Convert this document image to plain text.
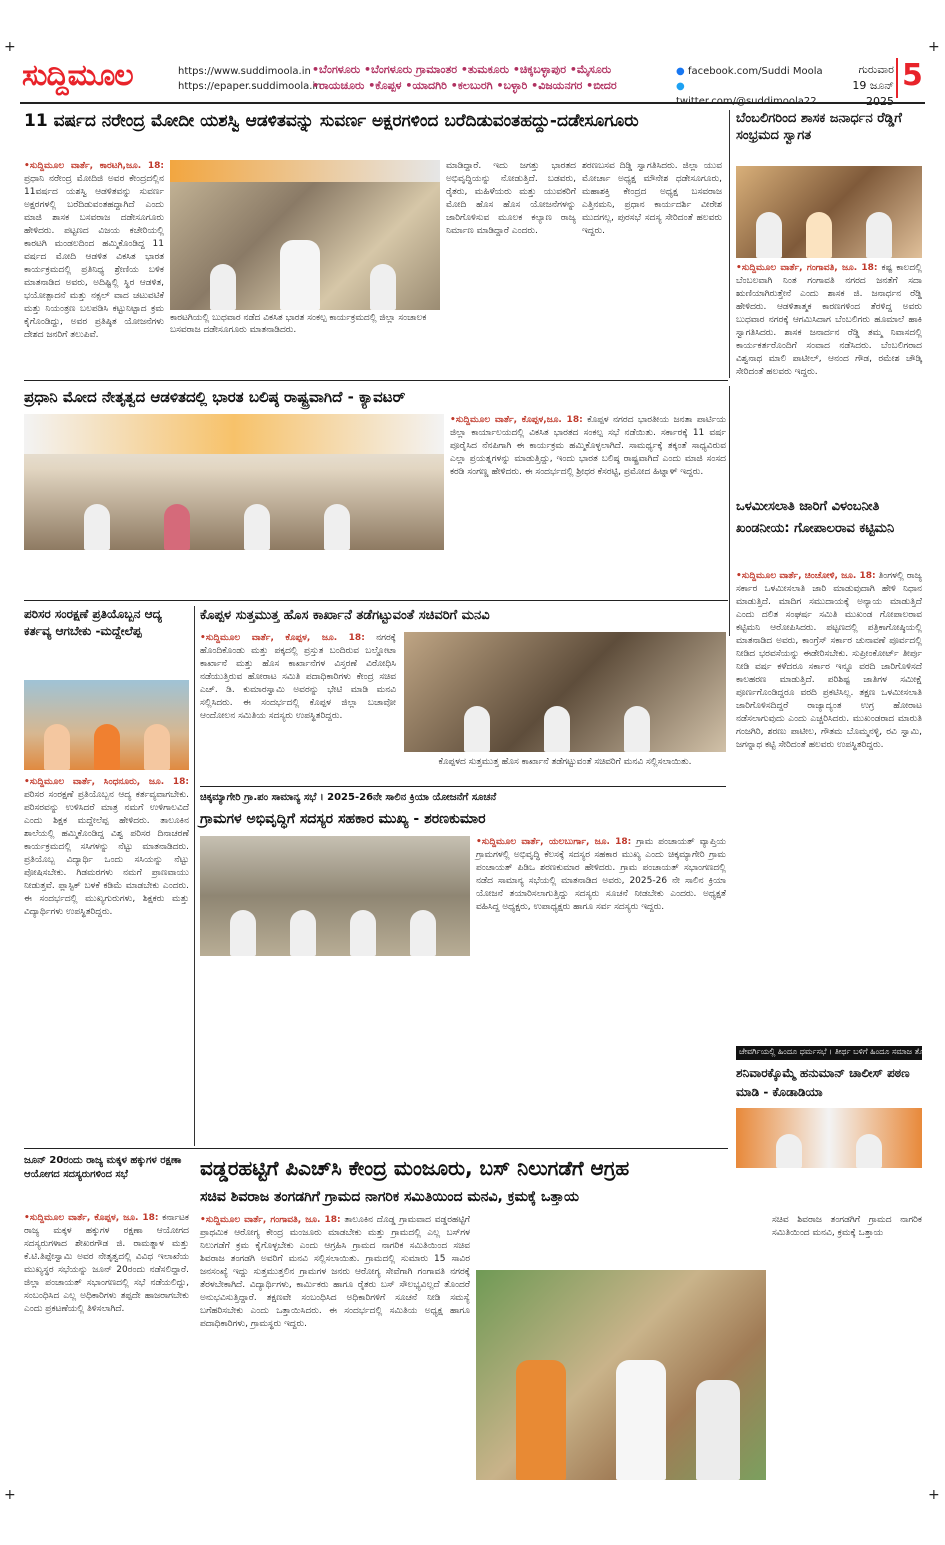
+	+
+	+
ಸುದ್ದಿಮೂಲ	https://www.suddimoola.in
https://epaper.suddimoola.in
•ಬೆಂಗಳೂರು •ಬೆಂಗಳೂರು ಗ್ರಾಮಾಂತರ •ತುಮಕೂರು •ಚಿಕ್ಕಬಳ್ಳಾಪುರ •ಮೈಸೂರು
•ರಾಯಚೂರು •ಕೊಪ್ಪಳ •ಯಾದಗಿರಿ •ಕಲಬುರಗಿ •ಬಳ್ಳಾರಿ •ವಿಜಯನಗರ •ಬೀದರ
● facebook.com/Suddi Moola
●
ಗುರುವಾರ
19 ಜೂನ್ 5
11 ವರ್ಷದ ನರೇಂದ್ರ ಮೋದೀ ಯಶಸ್ವಿ ಆಡಳಿತವನ್ನು ಸುವರ್ಣ ಅಕ್ಷರಗಳಿಂದ ಬರೆದಿಡುವಂತಹದ್ದು-ದಡೇಸೂಗೂರು
•ಸುದ್ದಿಮೂಲ ವಾರ್ತೆ, ಕಾರಟಗಿ,ಜೂ. 18: ಪ್ರಧಾನಿ ನರೇಂದ್ರ ಮೋದಿಜಿ ಅವರ ಕೇಂದ್ರದಲ್ಲಿನ 11ವರ್ಷದ ಯಶಸ್ವಿ ಆಡಳಿತವನ್ನು ಸುವರ್ಣ ಅಕ್ಷರಗಳಲ್ಲಿ ಬರೆದಿಡುವಂತಹದ್ದಾಗಿದೆ ಎಂದು ಮಾಜಿ ಶಾಸಕ ಬಸವರಾಜ ದಡೇಸೂಗೂರು ಹೇಳಿದರು. ಪಟ್ಟಣದ ವಿಜಯ ಕಚೇರಿಯಲ್ಲಿ ಕಾರಟಗಿ ಮಂಡಲದಿಂದ ಹಮ್ಮಿಕೊಂಡಿದ್ದ 11 ವರ್ಷದ ಮೋದಿ ಆಡಳಿತ ವಿಕಸಿತ ಭಾರತ ಕಾರ್ಯಕ್ರಮದಲ್ಲಿ ಪ್ರತಿನಿಧ್ಯ ಶ್ರೇಣಿಯ ಬಳಿಕ ಮಾತನಾಡಿದ ಅವರು, ಅದಿಷ್ಟಿಲ್ಲಿ ಸ್ಥಿರ ಆಡಳಿತ, ಭಯೋತ್ಪಾದನೆ ಮತ್ತು ನಕ್ಸಲ್ ವಾದ ಚಟುವಟಿಕೆ ಮತ್ತು ನಿಯಂತ್ರಣ ಬಲಪಡಿಸಿ ಕಟ್ಟುನಿಟ್ಟಾದ ಕ್ರಮ ಕೈಗೊಂಡಿದ್ದು, ಅವರ ಪ್ರತಿಷ್ಠಿತ ಯೋಜನೆಗಳು ದೇಶದ ಜನರಿಗೆ ತಲುಪಿವೆ.
ಕಾರಟಗಿಯಲ್ಲಿ ಬುಧವಾರ ನಡೆದ ವಿಕಸಿತ ಭಾರತ ಸಂಕಲ್ಪ ಕಾರ್ಯಕ್ರಮದಲ್ಲಿ ಜಿಲ್ಲಾ ಸಂಚಾಲಕ ಬಸವರಾಜ ದಡೇಸೂಗೂರು ಮಾತನಾಡಿದರು.
ಮಾಡಿದ್ದಾರೆ. ಇದು ಜಗತ್ತು ಭಾರತದ ಅಭಿವೃದ್ಧಿಯನ್ನು ನೋಡುತ್ತಿದೆ. ಬಡವರು, ರೈತರು, ಮಹಿಳೆಯರು ಮತ್ತು ಯುವಕರಿಗೆ ಮೋದಿ ಹೊಸ ಹೊಸ ಯೋಜನೆಗಳನ್ನು ಜಾರಿಗೊಳಿಸುವ ಮೂಲಕ ಕಲ್ಯಾಣ ರಾಜ್ಯ ನಿರ್ಮಾಣ ಮಾಡಿದ್ದಾರೆ ಎಂದರು.
ಶರಣಬಸವ ದಿಡ್ಡಿ ಸ್ವಾಗತಿಸಿದರು. ಜಿಲ್ಲಾ ಯುವ ಮೋರ್ಚಾ ಅಧ್ಯಕ್ಷ ಮೌನೇಶ ಧಡೇಸೂಗೂರು, ಮಹಾಶಕ್ತಿ ಕೇಂದ್ರದ ಅಧ್ಯಕ್ಷ ಬಸವರಾಜ ಎತ್ತಿನಮನಿ, ಪ್ರಧಾನ ಕಾರ್ಯದರ್ಶಿ ವೀರೇಶ ಮುದಗಲ್ಲ, ಪುರಸಭೆ ಸದಸ್ಯ ಸೇರಿದಂತೆ ಹಲವರು ಇದ್ದರು.
ಬೆಂಬಲಿಗರಿಂದ ಶಾಸಕ ಜನಾರ್ಧನ ರೆಡ್ಡಿಗೆ ಸಂಭ್ರಮದ ಸ್ವಾಗತ
•ಸುದ್ದಿಮೂಲ ವಾರ್ತೆ, ಗಂಗಾವತಿ, ಜೂ. 18: ಕಷ್ಟ ಕಾಲದಲ್ಲಿ ಬೆಂಬಲವಾಗಿ ನಿಂತ ಗಂಗಾವತಿ ನಗರದ ಜನತೆಗೆ ಸದಾ ಋಣಿಯಾಗಿರುತ್ತೇನೆ ಎಂದು ಶಾಸಕ ಜಿ. ಜನಾರ್ಧನ ರೆಡ್ಡಿ ಹೇಳಿದರು. ಆಡಳಿತಾತ್ಮಕ ಕಾರಣಗಳಿಂದ ತೆರಳಿದ್ದ ಅವರು ಬುಧವಾರ ನಗರಕ್ಕೆ ಆಗಮಿಸಿದಾಗ ಬೆಂಬಲಿಗರು ಹೂಮಾಲೆ ಹಾಕಿ ಸ್ವಾಗತಿಸಿದರು. ಶಾಸಕ ಜನಾರ್ದನ ರೆಡ್ಡಿ ತಮ್ಮ ನಿವಾಸದಲ್ಲಿ ಕಾರ್ಯಕರ್ತರೊಂದಿಗೆ ಸಂವಾದ ನಡೆಸಿದರು. ಬೆಂಬಲಿಗರಾದ ವಿಶ್ವನಾಥ ಮಾಲಿ ಪಾಟೀಲ್, ಆನಂದ ಗೌಡ, ರಮೇಶ ಚೌಡ್ಕಿ ಸೇರಿದಂತೆ ಹಲವರು ಇದ್ದರು.
ಪ್ರಧಾನಿ ಮೋದ ನೇತೃತ್ವದ ಆಡಳಿತದಲ್ಲಿ ಭಾರತ ಬಲಿಷ್ಠ ರಾಷ್ಟ್ರವಾಗಿದೆ - ಕ್ಯಾವಟರ್
•ಸುದ್ದಿಮೂಲ ವಾರ್ತೆ, ಕೊಪ್ಪಳ,ಜೂ. 18: ಕೊಪ್ಪಳ ನಗರದ ಭಾರತೀಯ ಜನತಾ ಪಾರ್ಟಿಯ ಜಿಲ್ಲಾ ಕಾರ್ಯಾಲಯದಲ್ಲಿ ವಿಕಸಿತ ಭಾರತದ ಸಂಕಲ್ಪ ಸಭೆ ನಡೆಯಿತು. ಸರ್ಕಾರಕ್ಕೆ 11 ವರ್ಷ ಪೂರೈಸಿದ ನೆನಪಿಗಾಗಿ ಈ ಕಾರ್ಯಕ್ರಮ ಹಮ್ಮಿಕೊಳ್ಳಲಾಗಿದೆ. ಸಾಮರ್ಥ್ಯಕ್ಕೆ ತಕ್ಕಂತೆ ಸಾಧ್ಯವಿರುವ ಎಲ್ಲಾ ಪ್ರಯತ್ನಗಳನ್ನು ಮಾಡುತ್ತಿದ್ದು, ಇಂದು ಭಾರತ ಬಲಿಷ್ಠ ರಾಷ್ಟ್ರವಾಗಿದೆ ಎಂದು ಮಾಜಿ ಸಂಸದ ಕರಡಿ ಸಂಗಣ್ಣ ಹೇಳಿದರು. ಈ ಸಂದರ್ಭದಲ್ಲಿ ಶ್ರೀಧರ ಕೆಸರಟ್ಟಿ, ಪ್ರಮೋದ ಹಿಟ್ನಾಳ್ ಇದ್ದರು.
ಒಳಮೀಸಲಾತಿ ಜಾರಿಗೆ ವಿಳಂಬನೀತಿ ಖಂಡನೀಯ: ಗೋಪಾಲರಾವ ಕಟ್ಟಿಮನಿ
•ಸುದ್ದಿಮೂಲ ವಾರ್ತೆ, ಚಿಂಚೋಳಿ, ಜೂ. 18: ತಿಂಗಳಲ್ಲಿ ರಾಜ್ಯ ಸರ್ಕಾರ ಒಳಮೀಸಲಾತಿ ಜಾರಿ ಮಾಡುವುದಾಗಿ ಹೇಳಿ ನಿಧಾನ ಮಾಡುತ್ತಿದೆ. ಮಾದಿಗ ಸಮುದಾಯಕ್ಕೆ ಅನ್ಯಾಯ ಮಾಡುತ್ತಿದೆ ಎಂದು ದಲಿತ ಸಂಘರ್ಷ ಸಮಿತಿ ಮುಖಂಡ ಗೋಪಾಲರಾವ ಕಟ್ಟಿಮನಿ ಆರೋಪಿಸಿದರು. ಪಟ್ಟಣದಲ್ಲಿ ಪತ್ರಿಕಾಗೋಷ್ಠಿಯಲ್ಲಿ ಮಾತನಾಡಿದ ಅವರು, ಕಾಂಗ್ರೆಸ್ ಸರ್ಕಾರ ಚುನಾವಣೆ ಪೂರ್ವದಲ್ಲಿ ನೀಡಿದ ಭರವಸೆಯನ್ನು ಈಡೇರಿಸಬೇಕು. ಸುಪ್ರೀಂಕೋರ್ಟ್ ತೀರ್ಪು ನೀಡಿ ವರ್ಷ ಕಳೆದರೂ ಸರ್ಕಾರ ಇನ್ನೂ ವರದಿ ಜಾರಿಗೊಳಿಸದೆ ಕಾಲಹರಣ ಮಾಡುತ್ತಿದೆ. ಪರಿಶಿಷ್ಟ ಜಾತಿಗಳ ಸಮೀಕ್ಷೆ ಪೂರ್ಣಗೊಂಡಿದ್ದರೂ ವರದಿ ಪ್ರಕಟಿಸಿಲ್ಲ. ತಕ್ಷಣ ಒಳಮೀಸಲಾತಿ ಜಾರಿಗೊಳಿಸದಿದ್ದರೆ ರಾಜ್ಯಾದ್ಯಂತ ಉಗ್ರ ಹೋರಾಟ ನಡೆಸಲಾಗುವುದು ಎಂದು ಎಚ್ಚರಿಸಿದರು. ಮುಖಂಡರಾದ ಮಾರುತಿ ಗಂಜಗಿರಿ, ಶರಣು ಪಾಟೀಲ, ಗೌತಮ ಬೊಮ್ಮನಳ್ಳಿ, ರವಿ ಸ್ವಾಮಿ, ಜಗನ್ನಾಥ ಕಟ್ಟಿ ಸೇರಿದಂತೆ ಹಲವರು ಉಪಸ್ಥಿತರಿದ್ದರು.
ಪರಿಸರ ಸಂರಕ್ಷಣೆ ಪ್ರತಿಯೊಬ್ಬನ ಆದ್ಯ ಕರ್ತವ್ಯ ಆಗಬೇಕು -ಮದ್ದೇಲೆಪ್ಪ
•ಸುದ್ದಿಮೂಲ ವಾರ್ತೆ, ಸಿಂಧನೂರು, ಜೂ. 18: ಪರಿಸರ ಸಂರಕ್ಷಣೆ ಪ್ರತಿಯೊಬ್ಬನ ಆದ್ಯ ಕರ್ತವ್ಯವಾಗಬೇಕು. ಪರಿಸರವನ್ನು ಉಳಿಸಿದರೆ ಮಾತ್ರ ನಮಗೆ ಉಳಿಗಾಲವಿದೆ ಎಂದು ಶಿಕ್ಷಕ ಮದ್ದೇಲೆಪ್ಪ ಹೇಳಿದರು. ತಾಲೂಕಿನ ಶಾಲೆಯಲ್ಲಿ ಹಮ್ಮಿಕೊಂಡಿದ್ದ ವಿಶ್ವ ಪರಿಸರ ದಿನಾಚರಣೆ ಕಾರ್ಯಕ್ರಮದಲ್ಲಿ ಸಸಿಗಳನ್ನು ನೆಟ್ಟು ಮಾತನಾಡಿದರು. ಪ್ರತಿಯೊಬ್ಬ ವಿದ್ಯಾರ್ಥಿ ಒಂದು ಸಸಿಯನ್ನು ನೆಟ್ಟು ಪೋಷಿಸಬೇಕು. ಗಿಡಮರಗಳು ನಮಗೆ ಪ್ರಾಣವಾಯು ನೀಡುತ್ತವೆ. ಪ್ಲಾಸ್ಟಿಕ್ ಬಳಕೆ ಕಡಿಮೆ ಮಾಡಬೇಕು ಎಂದರು. ಈ ಸಂದರ್ಭದಲ್ಲಿ ಮುಖ್ಯಗುರುಗಳು, ಶಿಕ್ಷಕರು ಮತ್ತು ವಿದ್ಯಾರ್ಥಿಗಳು ಉಪಸ್ಥಿತರಿದ್ದರು.
ಕೊಪ್ಪಳ ಸುತ್ತಮುತ್ತ ಹೊಸ ಕಾರ್ಖಾನೆ ತಡೆಗಟ್ಟುವಂತೆ ಸಚಿವರಿಗೆ ಮನವಿ
•ಸುದ್ದಿಮೂಲ ವಾರ್ತೆ, ಕೊಪ್ಪಳ, ಜೂ. 18: ನಗರಕ್ಕೆ ಹೊಂದಿಕೊಂಡು ಮತ್ತು ಪಕ್ಕದಲ್ಲಿ ಪ್ರಸ್ತುತ ಬಂದಿರುವ ಬಲ್ಡೋಟಾ ಕಾರ್ಖಾನೆ ಮತ್ತು ಹೊಸ ಕಾರ್ಖಾನೆಗಳ ವಿಸ್ತರಣೆ ವಿರೋಧಿಸಿ ನಡೆಯುತ್ತಿರುವ ಹೋರಾಟ ಸಮಿತಿ ಪದಾಧಿಕಾರಿಗಳು ಕೇಂದ್ರ ಸಚಿವ ಎಚ್. ಡಿ. ಕುಮಾರಸ್ವಾಮಿ ಅವರನ್ನು ಭೇಟಿ ಮಾಡಿ ಮನವಿ ಸಲ್ಲಿಸಿದರು. ಈ ಸಂದರ್ಭದಲ್ಲಿ ಕೊಪ್ಪಳ ಜಿಲ್ಲಾ ಬಚಾವೋ ಆಂದೋಲನ ಸಮಿತಿಯ ಸದಸ್ಯರು ಉಪಸ್ಥಿತರಿದ್ದರು.
ಕೊಪ್ಪಳದ ಸುತ್ತಮುತ್ತ ಹೊಸ ಕಾರ್ಖಾನೆ ತಡೆಗಟ್ಟುವಂತೆ ಸಚಿವರಿಗೆ ಮನವಿ ಸಲ್ಲಿಸಲಾಯಿತು.
ಜೇವರ್ಗಿಯಲ್ಲಿ ಹಿಂದೂ ಧರ್ಮಸಭೆ । ತೀರ್ಥ ಬಳಿಗೆ ಹಿಂದೂ ಸಮಾಜ ತೋರಿಸುವ
ಚಿಕ್ಕಮ್ಯಾಗೇರಿ ಗ್ರಾ.ಪಂ ಸಾಮಾನ್ಯ ಸಭೆ । 2025-26ನೇ ಸಾಲಿನ ಕ್ರಿಯಾ ಯೋಜನೆಗೆ ಸೂಚನೆ
ಗ್ರಾಮಗಳ ಅಭಿವೃದ್ಧಿಗೆ ಸದಸ್ಯರ ಸಹಕಾರ ಮುಖ್ಯ - ಶರಣಕುಮಾರ
•ಸುದ್ದಿಮೂಲ ವಾರ್ತೆ, ಯಲಬುರ್ಗಾ, ಜೂ. 18: ಗ್ರಾಮ ಪಂಚಾಯತ್ ವ್ಯಾಪ್ತಿಯ ಗ್ರಾಮಗಳಲ್ಲಿ ಅಭಿವೃದ್ಧಿ ಕೆಲಸಕ್ಕೆ ಸದಸ್ಯರ ಸಹಕಾರ ಮುಖ್ಯ ಎಂದು ಚಿಕ್ಕಮ್ಯಾಗೇರಿ ಗ್ರಾಮ ಪಂಚಾಯತ್ ಪಿಡಿಒ ಶರಣಕುಮಾರ ಹೇಳಿದರು. ಗ್ರಾಮ ಪಂಚಾಯತ್ ಸಭಾಂಗಣದಲ್ಲಿ ನಡೆದ ಸಾಮಾನ್ಯ ಸಭೆಯಲ್ಲಿ ಮಾತನಾಡಿದ ಅವರು, 2025-26 ನೇ ಸಾಲಿನ ಕ್ರಿಯಾ ಯೋಜನೆ ತಯಾರಿಸಲಾಗುತ್ತಿದ್ದು ಸದಸ್ಯರು ಸೂಚನೆ ನೀಡಬೇಕು ಎಂದರು. ಅಧ್ಯಕ್ಷತೆ ವಹಿಸಿದ್ದ ಅಧ್ಯಕ್ಷರು, ಉಪಾಧ್ಯಕ್ಷರು ಹಾಗೂ ಸರ್ವ ಸದಸ್ಯರು ಇದ್ದರು.
ಶನಿವಾರಕ್ಕೊಮ್ಮೆ ಹನುಮಾನ್ ಚಾಲೀಸ್ ಪಠಣ ಮಾಡಿ - ಕೊಡಾಡಿಯಾ
ಜೂನ್ 20ರಂದು ರಾಜ್ಯ ಮಕ್ಕಳ ಹಕ್ಕುಗಳ ರಕ್ಷಣಾ ಆಯೋಗದ ಸದಸ್ಯರುಗಳಿಂದ ಸಭೆ
•ಸುದ್ದಿಮೂಲ ವಾರ್ತೆ, ಕೊಪ್ಪಳ, ಜೂ. 18: ಕರ್ನಾಟಕ ರಾಜ್ಯ ಮಕ್ಕಳ ಹಕ್ಕುಗಳ ರಕ್ಷಣಾ ಆಯೋಗದ ಸದಸ್ಯರುಗಳಾದ ಶೇಖರಗೌಡ ಜಿ. ರಾಮತ್ನಾಳ ಮತ್ತು ಕೆ.ಟಿ.ತಿಪ್ಪೇಸ್ವಾಮಿ ಅವರ ನೇತೃತ್ವದಲ್ಲಿ ವಿವಿಧ ಇಲಾಖೆಯ ಮುಖ್ಯಸ್ಥರ ಸಭೆಯನ್ನು ಜೂನ್ 20ರಂದು ನಡೆಸಲಿದ್ದಾರೆ. ಜಿಲ್ಲಾ ಪಂಚಾಯತ್ ಸಭಾಂಗಣದಲ್ಲಿ ಸಭೆ ನಡೆಯಲಿದ್ದು, ಸಂಬಂಧಿಸಿದ ಎಲ್ಲ ಅಧಿಕಾರಿಗಳು ತಪ್ಪದೇ ಹಾಜರಾಗಬೇಕು ಎಂದು ಪ್ರಕಟಣೆಯಲ್ಲಿ ತಿಳಿಸಲಾಗಿದೆ.
ವಡ್ಡರಹಟ್ಟಿಗೆ ಪಿಎಚ್‌ಸಿ ಕೇಂದ್ರ ಮಂಜೂರು, ಬಸ್ ನಿಲುಗಡೆಗೆ ಆಗ್ರಹ
ಸಚಿವ ಶಿವರಾಜ ತಂಗಡಗಿಗೆ ಗ್ರಾಮದ ನಾಗರಿಕ ಸಮಿತಿಯಿಂದ ಮನವಿ, ಕ್ರಮಕ್ಕೆ ಒತ್ತಾಯ
•ಸುದ್ದಿಮೂಲ ವಾರ್ತೆ, ಗಂಗಾವತಿ, ಜೂ. 18: ತಾಲೂಕಿನ ದೊಡ್ಡ ಗ್ರಾಮವಾದ ವಡ್ಡರಹಟ್ಟಿಗೆ ಪ್ರಾಥಮಿಕ ಆರೋಗ್ಯ ಕೇಂದ್ರ ಮಂಜೂರು ಮಾಡಬೇಕು ಮತ್ತು ಗ್ರಾಮದಲ್ಲಿ ಎಲ್ಲ ಬಸ್‌ಗಳ ನಿಲುಗಡೆಗೆ ಕ್ರಮ ಕೈಗೊಳ್ಳಬೇಕು ಎಂದು ಆಗ್ರಹಿಸಿ ಗ್ರಾಮದ ನಾಗರಿಕ ಸಮಿತಿಯಿಂದ ಸಚಿವ ಶಿವರಾಜ ತಂಗಡಗಿ ಅವರಿಗೆ ಮನವಿ ಸಲ್ಲಿಸಲಾಯಿತು. ಗ್ರಾಮದಲ್ಲಿ ಸುಮಾರು 15 ಸಾವಿರ ಜನಸಂಖ್ಯೆ ಇದ್ದು ಸುತ್ತಮುತ್ತಲಿನ ಗ್ರಾಮಗಳ ಜನರು ಆರೋಗ್ಯ ಸೇವೆಗಾಗಿ ಗಂಗಾವತಿ ನಗರಕ್ಕೆ ತೆರಳಬೇಕಾಗಿದೆ. ವಿದ್ಯಾರ್ಥಿಗಳು, ಕಾರ್ಮಿಕರು ಹಾಗೂ ರೈತರು ಬಸ್ ಸೌಲಭ್ಯವಿಲ್ಲದೆ ತೊಂದರೆ ಅನುಭವಿಸುತ್ತಿದ್ದಾರೆ. ತಕ್ಷಣವೇ ಸಂಬಂಧಿಸಿದ ಅಧಿಕಾರಿಗಳಿಗೆ ಸೂಚನೆ ನೀಡಿ ಸಮಸ್ಯೆ ಬಗೆಹರಿಸಬೇಕು ಎಂದು ಒತ್ತಾಯಿಸಿದರು. ಈ ಸಂದರ್ಭದಲ್ಲಿ ಸಮಿತಿಯ ಅಧ್ಯಕ್ಷ ಹಾಗೂ ಪದಾಧಿಕಾರಿಗಳು, ಗ್ರಾಮಸ್ಥರು ಇದ್ದರು.
ಸಚಿವ ಶಿವರಾಜ ತಂಗಡಗಿಗೆ ಗ್ರಾಮದ ನಾಗರಿಕ ಸಮಿತಿಯಿಂದ ಮನವಿ, ಕ್ರಮಕ್ಕೆ ಒತ್ತಾಯ
